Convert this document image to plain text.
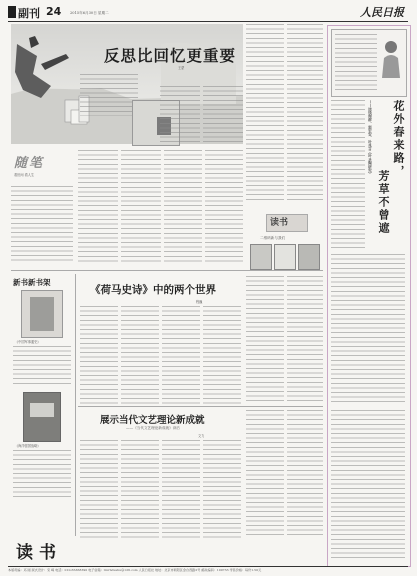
副刊 24 2015年6月30日 星期二	人民日报
反思比回忆更重要
王蒙
随笔
看世间 看人生
读书
二维码新与我们
新书新书架
《中国军事通史》
《海洋强国战略》
《荷马史诗》中的两个世界
程巍
展示当代文艺理论新成就
——《当代文艺理论新成就》读后
文力
读书
花外春来路，
芳草不曾遮
——读钱理群、郭宏安、叶兆言《叶圣陶研究》
本版责编：邓 刚 版式设计：宋 嵘 电话：010-65368390 电子信箱：rmrbdushu@126.com 人民日报社 地址：北京市朝阳区金台西路2号 邮政编码：100733 零售价格：每份1.50元
